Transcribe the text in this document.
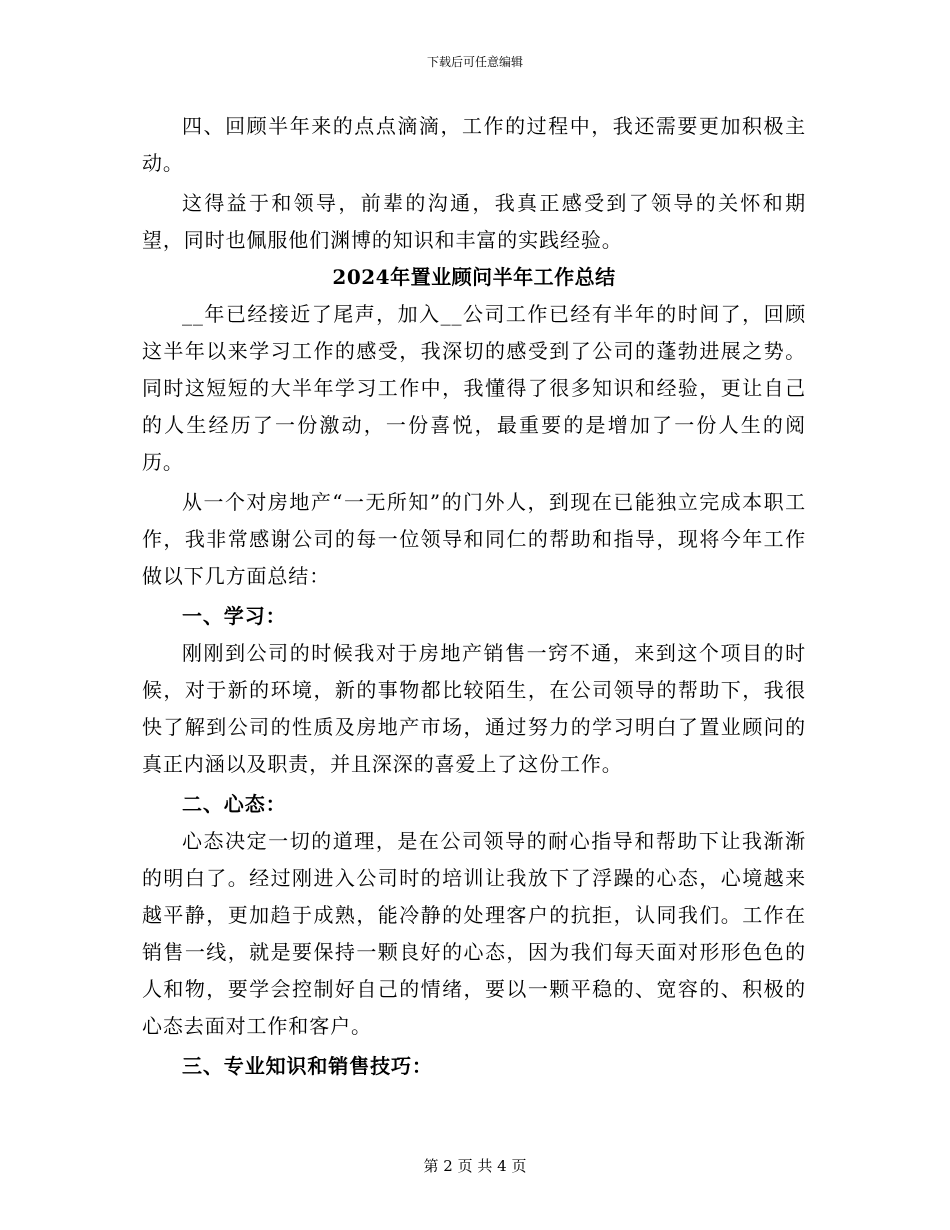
下载后可任意编辑

四、回顾半年来的点点滴滴，工作的过程中，我还需要更加积极主动。

这得益于和领导，前辈的沟通，我真正感受到了领导的关怀和期望，同时也佩服他们渊博的知识和丰富的实践经验。

2024年置业顾问半年工作总结

__年已经接近了尾声，加入__公司工作已经有半年的时间了，回顾这半年以来学习工作的感受，我深切的感受到了公司的蓬勃进展之势。同时这短短的大半年学习工作中，我懂得了很多知识和经验，更让自己的人生经历了一份激动，一份喜悦，最重要的是增加了一份人生的阅历。

从一个对房地产“一无所知”的门外人，到现在已能独立完成本职工作，我非常感谢公司的每一位领导和同仁的帮助和指导，现将今年工作做以下几方面总结：

一、学习：

刚刚到公司的时候我对于房地产销售一窍不通，来到这个项目的时候，对于新的环境，新的事物都比较陌生，在公司领导的帮助下，我很快了解到公司的性质及房地产市场，通过努力的学习明白了置业顾问的真正内涵以及职责，并且深深的喜爱上了这份工作。

二、心态：

心态决定一切的道理，是在公司领导的耐心指导和帮助下让我渐渐的明白了。经过刚进入公司时的培训让我放下了浮躁的心态，心境越来越平静，更加趋于成熟，能冷静的处理客户的抗拒，认同我们。工作在销售一线，就是要保持一颗良好的心态，因为我们每天面对形形色色的人和物，要学会控制好自己的情绪，要以一颗平稳的、宽容的、积极的心态去面对工作和客户。

三、专业知识和销售技巧：

第 2 页 共 4 页
